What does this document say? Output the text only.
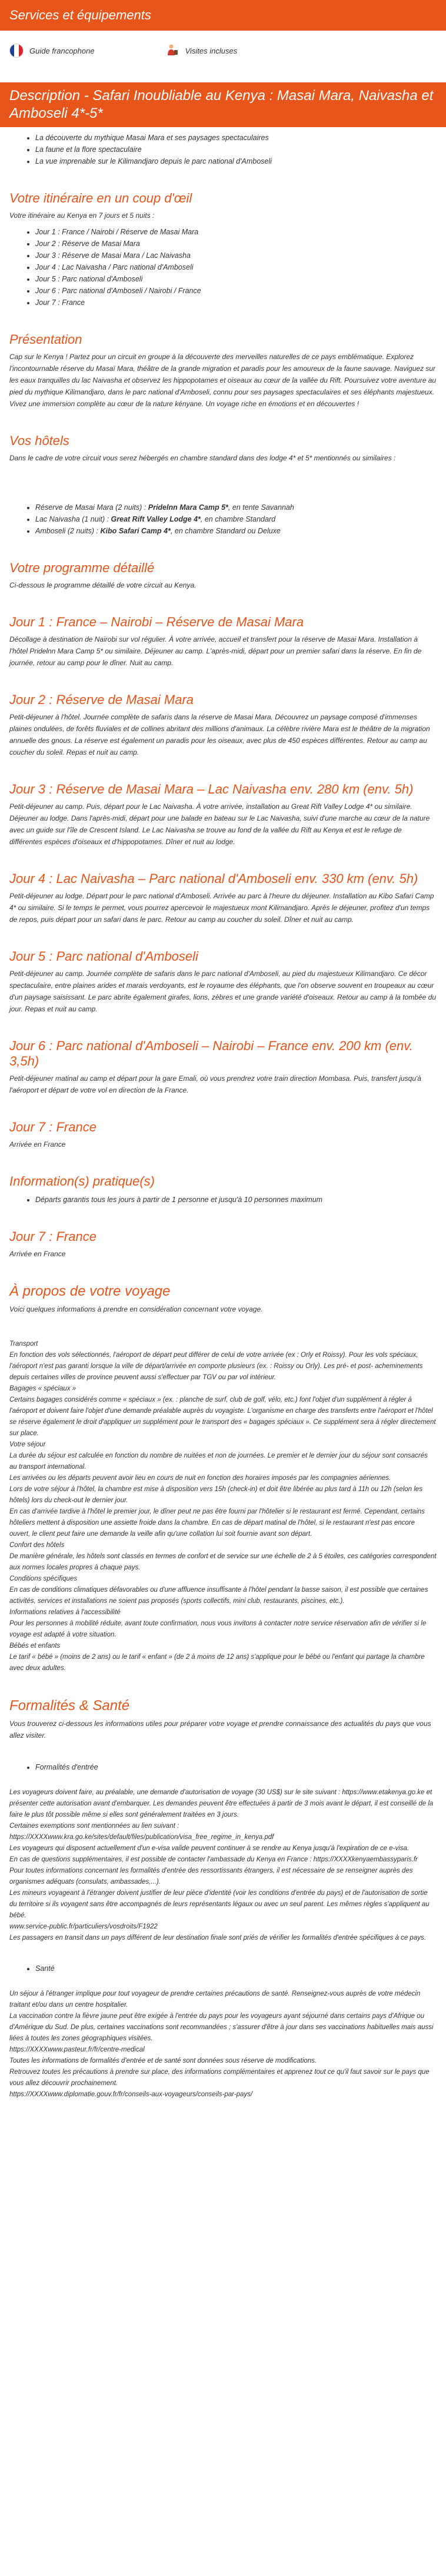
Services et équipements
Guide francophone	Visites incluses
Description - Safari Inoubliable au Kenya : Masai Mara, Naivasha et Amboseli 4*-5*
• La découverte du mythique Masai Mara et ses paysages spectaculaires
• La faune et la flore spectaculaire
• La vue imprenable sur le Kilimandjaro depuis le parc national d'Amboseli
Votre itinéraire en un coup d'œil

Votre itinéraire au Kenya en 7 jours et 5 nuits :

• Jour 1 : France / Nairobi / Réserve de Masai Mara
• Jour 2 : Réserve de Masai Mara
• Jour 3 : Réserve de Masai Mara / Lac Naivasha
• Jour 4 : Lac Naivasha / Parc national d'Amboseli
• Jour 5 : Parc national d'Amboseli
• Jour 6 : Parc national d'Amboseli / Nairobi / France
• Jour 7 : France
Présentation

Cap sur le Kenya ! Partez pour un circuit en groupe à la découverte des merveilles naturelles de ce pays emblématique. Explorez l'incontournable réserve du Masaï Mara, théâtre de la grande migration et paradis pour les amoureux de la faune sauvage. Naviguez sur les eaux tranquilles du lac Naivasha et observez les hippopotames et oiseaux au cœur de la vallée du Rift. Poursuivez votre aventure au pied du mythique Kilimandjaro, dans le parc national d'Amboseli, connu pour ses paysages spectaculaires et ses éléphants majestueux. Vivez une immersion complète au cœur de la nature kényane. Un voyage riche en émotions et en découvertes !

Vos hôtels

Dans le cadre de votre circuit vous serez hébergés en chambre standard dans des lodge 4* et 5* mentionnés ou similaires :

• Réserve de Masai Mara (2 nuits) : Pridelnn Mara Camp 5*, en tente Savannah
• Lac Naivasha (1 nuit) : Great Rift Valley Lodge 4*, en chambre Standard
• Amboseli (2 nuits) : Kibo Safari Camp 4*, en chambre Standard ou Deluxe
Votre programme détaillé

Ci-dessous le programme détaillé de votre circuit au Kenya.

Jour 1 : France – Nairobi – Réserve de Masai Mara

Décollage à destination de Nairobi sur vol régulier. À votre arrivée, accueil et transfert pour la réserve de Masai Mara. Installation à l'hôtel Pridelnn Mara Camp 5* ou similaire. Déjeuner au camp. L'après-midi, départ pour un premier safari dans la réserve. En fin de journée, retour au camp pour le dîner. Nuit au camp.

Jour 2 : Réserve de Masai Mara

Petit-déjeuner à l'hôtel. Journée complète de safaris dans la réserve de Masai Mara. Découvrez un paysage composé d'immenses plaines ondulées, de forêts fluviales et de collines abritant des millions d'animaux. La célèbre rivière Mara est le théâtre de la migration annuelle des gnous. La réserve est également un paradis pour les oiseaux, avec plus de 450 espèces différentes. Retour au camp au coucher du soleil. Repas et nuit au camp.

Jour 3 : Réserve de Masai Mara – Lac Naivasha env. 280 km (env. 5h)

Petit-déjeuner au camp. Puis, départ pour le Lac Naivasha. À votre arrivée, installation au Great Rift Valley Lodge 4* ou similaire. Déjeuner au lodge. Dans l'après-midi, départ pour une balade en bateau sur le Lac Naivasha, suivi d'une marche au cœur de la nature avec un guide sur l'île de Crescent Island. Le Lac Naivasha se trouve au fond de la vallée du Rift au Kenya et est le refuge de différentes espèces d'oiseaux et d'hippopotames. Dîner et nuit au lodge.

Jour 4 : Lac Naivasha – Parc national d'Amboseli env. 330 km (env. 5h)

Petit-déjeuner au lodge. Départ pour le parc national d'Amboseli. Arrivée au parc à l'heure du déjeuner. Installation au Kibo Safari Camp 4* ou similaire. Si le temps le permet, vous pourrez apercevoir le majestueux mont Kilimandjaro. Après le déjeuner, profitez d'un temps de repos, puis départ pour un safari dans le parc. Retour au camp au coucher du soleil. Dîner et nuit au camp.

Jour 5 : Parc national d'Amboseli

Petit-déjeuner au camp. Journée complète de safaris dans le parc national d'Amboseli, au pied du majestueux Kilimandjaro. Ce décor spectaculaire, entre plaines arides et marais verdoyants, est le royaume des éléphants, que l'on observe souvent en troupeaux au cœur d'un paysage saisissant. Le parc abrite également girafes, lions, zèbres et une grande variété d'oiseaux. Retour au camp à la tombée du jour. Repas et nuit au camp.

Jour 6 : Parc national d'Amboseli – Nairobi – France env. 200 km (env. 3,5h)

Petit-déjeuner matinal au camp et départ pour la gare Emali, où vous prendrez votre train direction Mombasa. Puis, transfert jusqu'à l'aéroport et départ de votre vol en direction de la France.

Jour 7 : France

Arrivée en France

Information(s) pratique(s)
• Départs garantis tous les jours à partir de 1 personne et jusqu'à 10 personnes maximum
Jour 7 : France

Arrivée en France

À propos de votre voyage

Voici quelques informations à prendre en considération concernant votre voyage.

Transport
En fonction des vols sélectionnés, l'aéroport de départ peut différer de celui de votre arrivée (ex : Orly et Roissy). Pour les vols spéciaux, l'aéroport n'est pas garanti lorsque la ville de départ/arrivée en comporte plusieurs (ex. : Roissy ou Orly). Les pré- et post- acheminements depuis certaines villes de province peuvent aussi s'effectuer par TGV ou par vol intérieur.
Bagages « spéciaux »
Certains bagages considérés comme « spéciaux » (ex. : planche de surf, club de golf, vélo, etc.) font l'objet d'un supplément à régler à l'aéroport et doivent faire l'objet d'une demande préalable auprès du voyagiste. L'organisme en charge des transferts entre l'aéroport et l'hôtel se réserve également le droit d'appliquer un supplément pour le transport des « bagages spéciaux ». Ce supplément sera à régler directement sur place.
Votre séjour
La durée du séjour est calculée en fonction du nombre de nuitées et non de journées. Le premier et le dernier jour du séjour sont consacrés au transport international.
Les arrivées ou les départs peuvent avoir lieu en cours de nuit en fonction des horaires imposés par les compagnies aériennes.
Lors de votre séjour à l'hôtel, la chambre est mise à disposition vers 15h (check-in) et doit être libérée au plus tard à 11h ou 12h (selon les hôtels) lors du check-out le dernier jour.
En cas d'arrivée tardive à l'hôtel le premier jour, le dîner peut ne pas être fourni par l'hôtelier si le restaurant est fermé. Cependant, certains hôteliers mettent à disposition une assiette froide dans la chambre. En cas de départ matinal de l'hôtel, si le restaurant n'est pas encore ouvert, le client peut faire une demande la veille afin qu'une collation lui soit fournie avant son départ.
Confort des hôtels
De manière générale, les hôtels sont classés en termes de confort et de service sur une échelle de 2 à 5 étoiles, ces catégories correspondent aux normes locales propres à chaque pays.
Conditions spécifiques
En cas de conditions climatiques défavorables ou d'une affluence insuffisante à l'hôtel pendant la basse saison, il est possible que certaines activités, services et installations ne soient pas proposés (sports collectifs, mini club, restaurants, piscines, etc.).
Informations relatives à l'accessibilité
Pour les personnes à mobilité réduite, avant toute confirmation, nous vous invitons à contacter notre service réservation afin de vérifier si le voyage est adapté à votre situation.
Bébés et enfants
Le tarif « bébé » (moins de 2 ans) ou le tarif « enfant » (de 2 à moins de 12 ans) s'applique pour le bébé ou l'enfant qui partage la chambre avec deux adultes.

Formalités & Santé

Vous trouverez ci-dessous les informations utiles pour préparer votre voyage et prendre connaissance des actualités du pays que vous allez visiter.

• Formalités d'entrée

Les voyageurs doivent faire, au préalable, une demande d'autorisation de voyage (30 US$) sur le site suivant : https://www.etakenya.go.ke et présenter cette autorisation avant d'embarquer. Les demandes peuvent être effectuées à partir de 3 mois avant le départ, il est conseillé de la faire le plus tôt possible même si elles sont généralement traitées en 3 jours.
Certaines exemptions sont mentionnées au lien suivant : https://XXXXwww.kra.go.ke/sites/default/files/publication/visa_free_regime_in_kenya.pdf
Les voyageurs qui disposent actuellement d'un e-visa valide peuvent continuer à se rendre au Kenya jusqu'à l'expiration de ce e-visa.
En cas de questions supplémentaires, il est possible de contacter l'ambassade du Kenya en France : https://XXXXkenyaembassyparis.fr
Pour toutes informations concernant les formalités d'entrée des ressortissants étrangers, il est nécessaire de se renseigner auprès des organismes adéquats (consulats, ambassades,...).
Les mineurs voyageant à l'étranger doivent justifier de leur pièce d'identité (voir les conditions d'entrée du pays) et de l'autorisation de sortie du territoire si ils voyagent sans être accompagnés de leurs représentants légaux ou avec un seul parent. Les mêmes règles s'appliquent au bébé.
www.service-public.fr/particuliers/vosdroits/F1922
Les passagers en transit dans un pays différent de leur destination finale sont priés de vérifier les formalités d'entrée spécifiques à ce pays.

• Santé

Un séjour à l'étranger implique pour tout voyageur de prendre certaines précautions de santé. Renseignez-vous auprès de votre médecin traitant et/ou dans un centre hospitalier.
La vaccination contre la fièvre jaune peut être exigée à l'entrée du pays pour les voyageurs ayant séjourné dans certains pays d'Afrique ou d'Amérique du Sud. De plus, certaines vaccinations sont recommandées ; s'assurer d'être à jour dans ses vaccinations habituelles mais aussi liées à toutes les zones géographiques visitées.
https://XXXXwww.pasteur.fr/fr/centre-medical
Toutes les informations de formalités d'entrée et de santé sont données sous réserve de modifications.
Retrouvez toutes les précautions à prendre sur place, des informations complémentaires et apprenez tout ce qu'il faut savoir sur le pays que vous allez découvrir prochainement.
https://XXXXwww.diplomatie.gouv.fr/fr/conseils-aux-voyageurs/conseils-par-pays/
